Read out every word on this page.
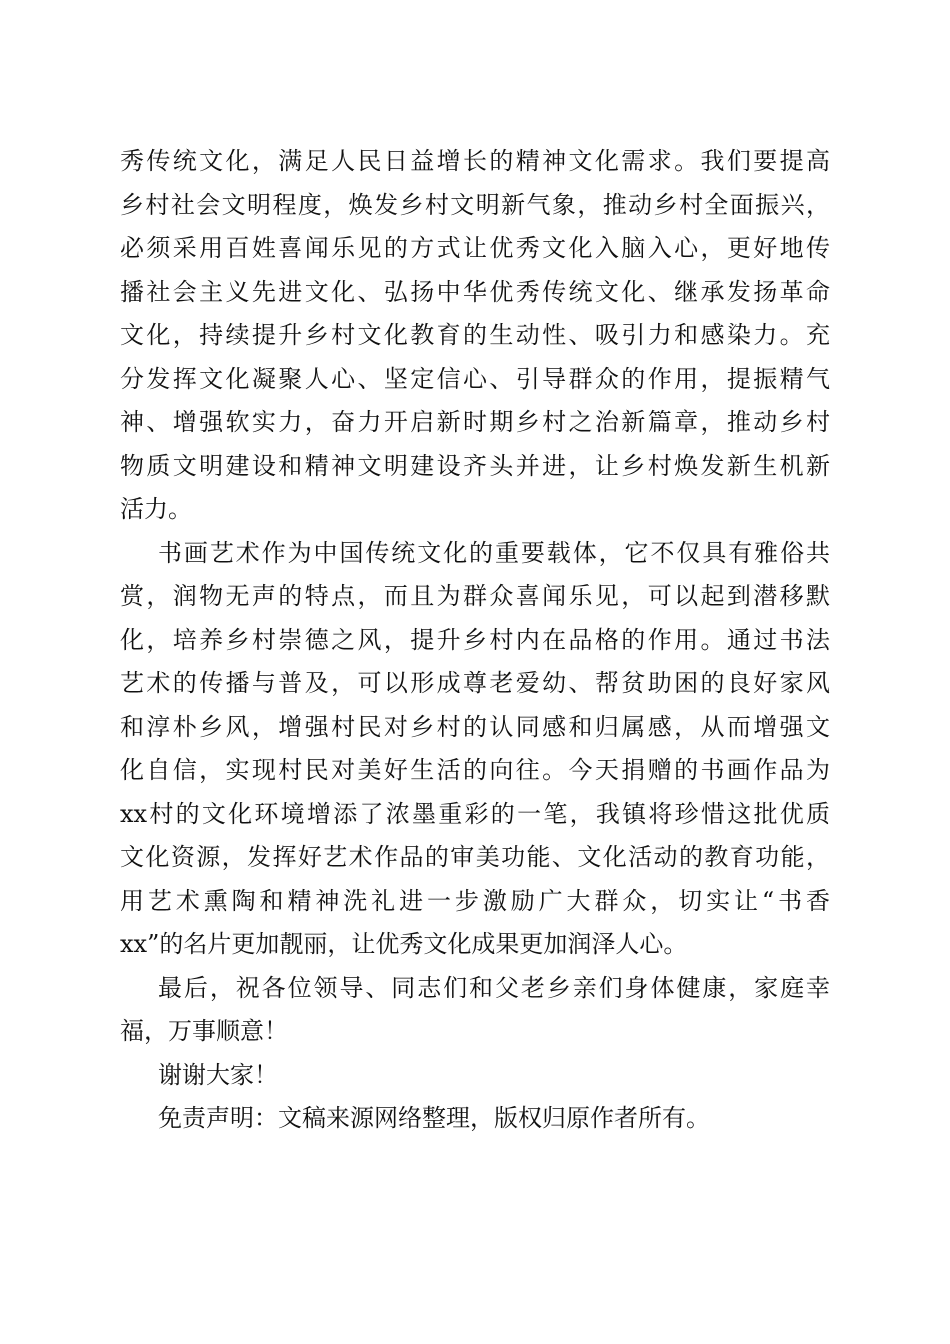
秀传统文化，满足人民日益增长的精神文化需求。我们要提高
乡村社会文明程度，焕发乡村文明新气象，推动乡村全面振兴，
必须采用百姓喜闻乐见的方式让优秀文化入脑入心，更好地传
播社会主义先进文化、弘扬中华优秀传统文化、继承发扬革命
文化，持续提升乡村文化教育的生动性、吸引力和感染力。充
分发挥文化凝聚人心、坚定信心、引导群众的作用，提振精气
神、增强软实力，奋力开启新时期乡村之治新篇章，推动乡村
物质文明建设和精神文明建设齐头并进，让乡村焕发新生机新
活力。
书画艺术作为中国传统文化的重要载体，它不仅具有雅俗共
赏，润物无声的特点，而且为群众喜闻乐见，可以起到潜移默
化，培养乡村崇德之风，提升乡村内在品格的作用。通过书法
艺术的传播与普及，可以形成尊老爱幼、帮贫助困的良好家风
和淳朴乡风，增强村民对乡村的认同感和归属感，从而增强文
化自信，实现村民对美好生活的向往。今天捐赠的书画作品为
xx村的文化环境增添了浓墨重彩的一笔，我镇将珍惜这批优质
文化资源，发挥好艺术作品的审美功能、文化活动的教育功能，
用艺术熏陶和精神洗礼进一步激励广大群众，切实让“书香
xx”的名片更加靓丽，让优秀文化成果更加润泽人心。
最后，祝各位领导、同志们和父老乡亲们身体健康，家庭幸
福，万事顺意！
谢谢大家！
免责声明：文稿来源网络整理，版权归原作者所有。
